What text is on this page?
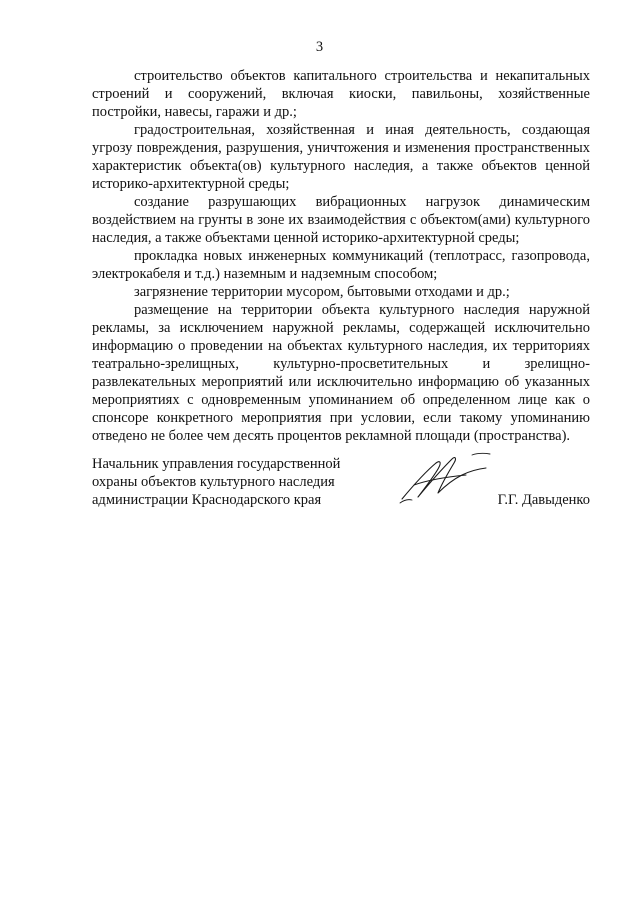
3

строительство объектов капитального строительства и некапитальных строений и сооружений, включая киоски, павильоны, хозяйственные постройки, навесы, гаражи и др.;

градостроительная, хозяйственная и иная деятельность, создающая угрозу повреждения, разрушения, уничтожения и изменения пространственных характеристик объекта(ов) культурного наследия, а также объектов ценной историко-архитектурной среды;

создание разрушающих вибрационных нагрузок динамическим воздействием на грунты в зоне их взаимодействия с объектом(ами) культурного наследия, а также объектами ценной историко-архитектурной среды;

прокладка новых инженерных коммуникаций (теплотрасс, газопровода, электрокабеля и т.д.) наземным и надземным способом;

загрязнение территории мусором, бытовыми отходами и др.;

размещение на территории объекта культурного наследия наружной рекламы, за исключением наружной рекламы, содержащей исключительно информацию о проведении на объектах культурного наследия, их территориях театрально-зрелищных, культурно-просветительных и зрелищно-развлекательных мероприятий или исключительно информацию об указанных мероприятиях с одновременным упоминанием об определенном лице как о спонсоре конкретного мероприятия при условии, если такому упоминанию отведено не более чем десять процентов рекламной площади (пространства).

Начальник управления государственной
охраны объектов культурного наследия
администрации Краснодарского края	Г.Г. Давыденко
